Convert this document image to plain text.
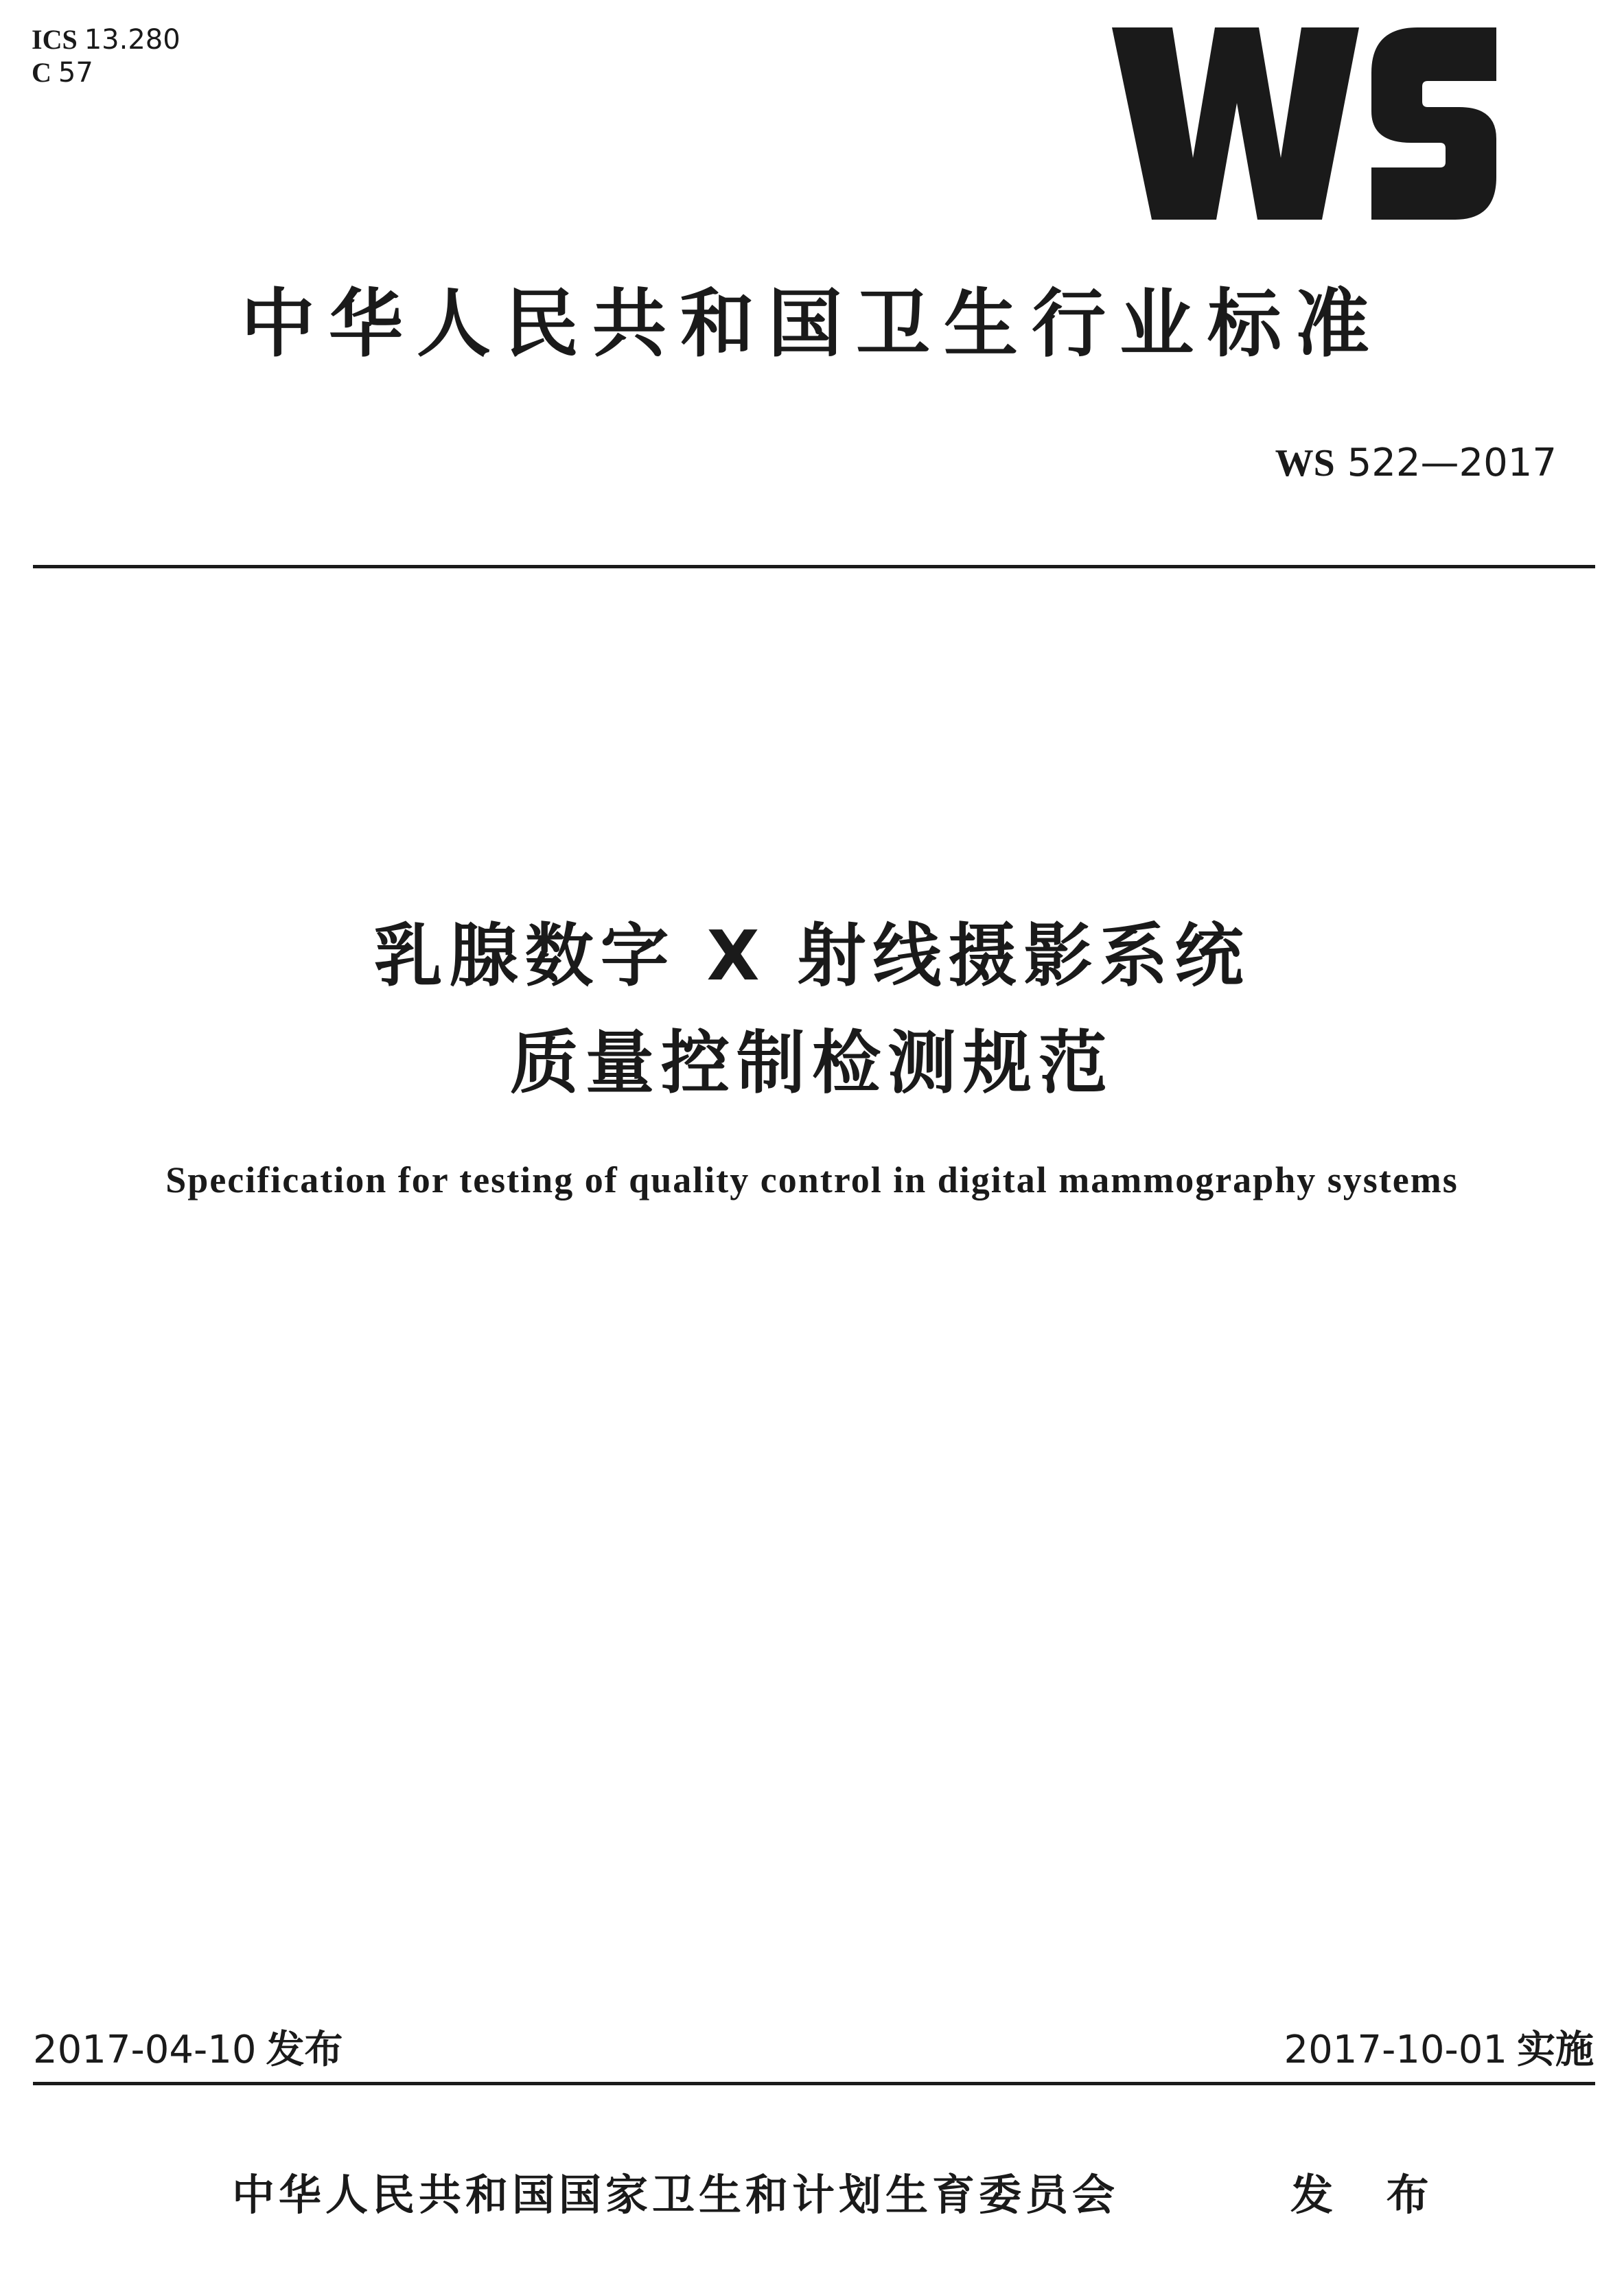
ICS 13.280
C 57
中华人民共和国卫生行业标准
WS 522—2017
乳腺数字 X 射线摄影系统
质量控制检测规范
Specification for testing of quality control in digital mammography systems
2017-04-10 发布	2017-10-01 实施
中华人民共和国国家卫生和计划生育委员会	发 布
